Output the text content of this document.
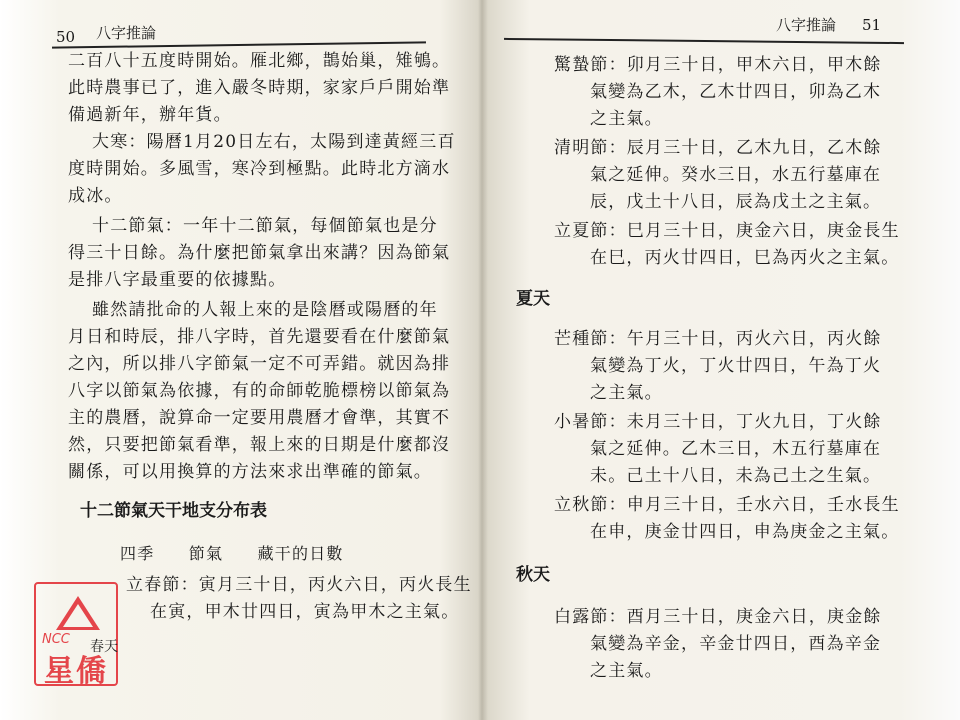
50 八字推論
二百八十五度時開始。雁北鄉，鵲始巢，雉鴝。
此時農事已了，進入嚴冬時期，家家戶戶開始準
備過新年，辦年貨。
大寒：陽曆1月20日左右，太陽到達黃經三百
度時開始。多風雪，寒冷到極點。此時北方滴水
成冰。
十二節氣：一年十二節氣，每個節氣也是分
得三十日餘。為什麼把節氣拿出來講？因為節氣
是排八字最重要的依據點。
雖然請批命的人報上來的是陰曆或陽曆的年
月日和時辰，排八字時，首先還要看在什麼節氣
之內，所以排八字節氣一定不可弄錯。就因為排
八字以節氣為依據，有的命師乾脆標榜以節氣為
主的農曆，說算命一定要用農曆才會準，其實不
然，只要把節氣看準，報上來的日期是什麼都沒
關係，可以用換算的方法來求出準確的節氣。
十二節氣天干地支分布表
四季　　節氣　　藏干的日數
立春節：寅月三十日，丙火六日，丙火長生
在寅，甲木廿四日，寅為甲木之主氣。
NCC
星僑
春天
八字推論 51
驚蟄節：卯月三十日，甲木六日，甲木餘
氣變為乙木，乙木廿四日，卯為乙木
之主氣。
清明節：辰月三十日，乙木九日，乙木餘
氣之延伸。癸水三日，水五行墓庫在
辰，戊土十八日，辰為戊土之主氣。
立夏節：巳月三十日，庚金六日，庚金長生
在巳，丙火廿四日，巳為丙火之主氣。
夏天
芒種節：午月三十日，丙火六日，丙火餘
氣變為丁火，丁火廿四日，午為丁火
之主氣。
小暑節：未月三十日，丁火九日，丁火餘
氣之延伸。乙木三日，木五行墓庫在
未。己土十八日，未為己土之生氣。
立秋節：申月三十日，壬水六日，壬水長生
在申，庚金廿四日，申為庚金之主氣。
秋天
白露節：酉月三十日，庚金六日，庚金餘
氣變為辛金，辛金廿四日，酉為辛金
之主氣。
